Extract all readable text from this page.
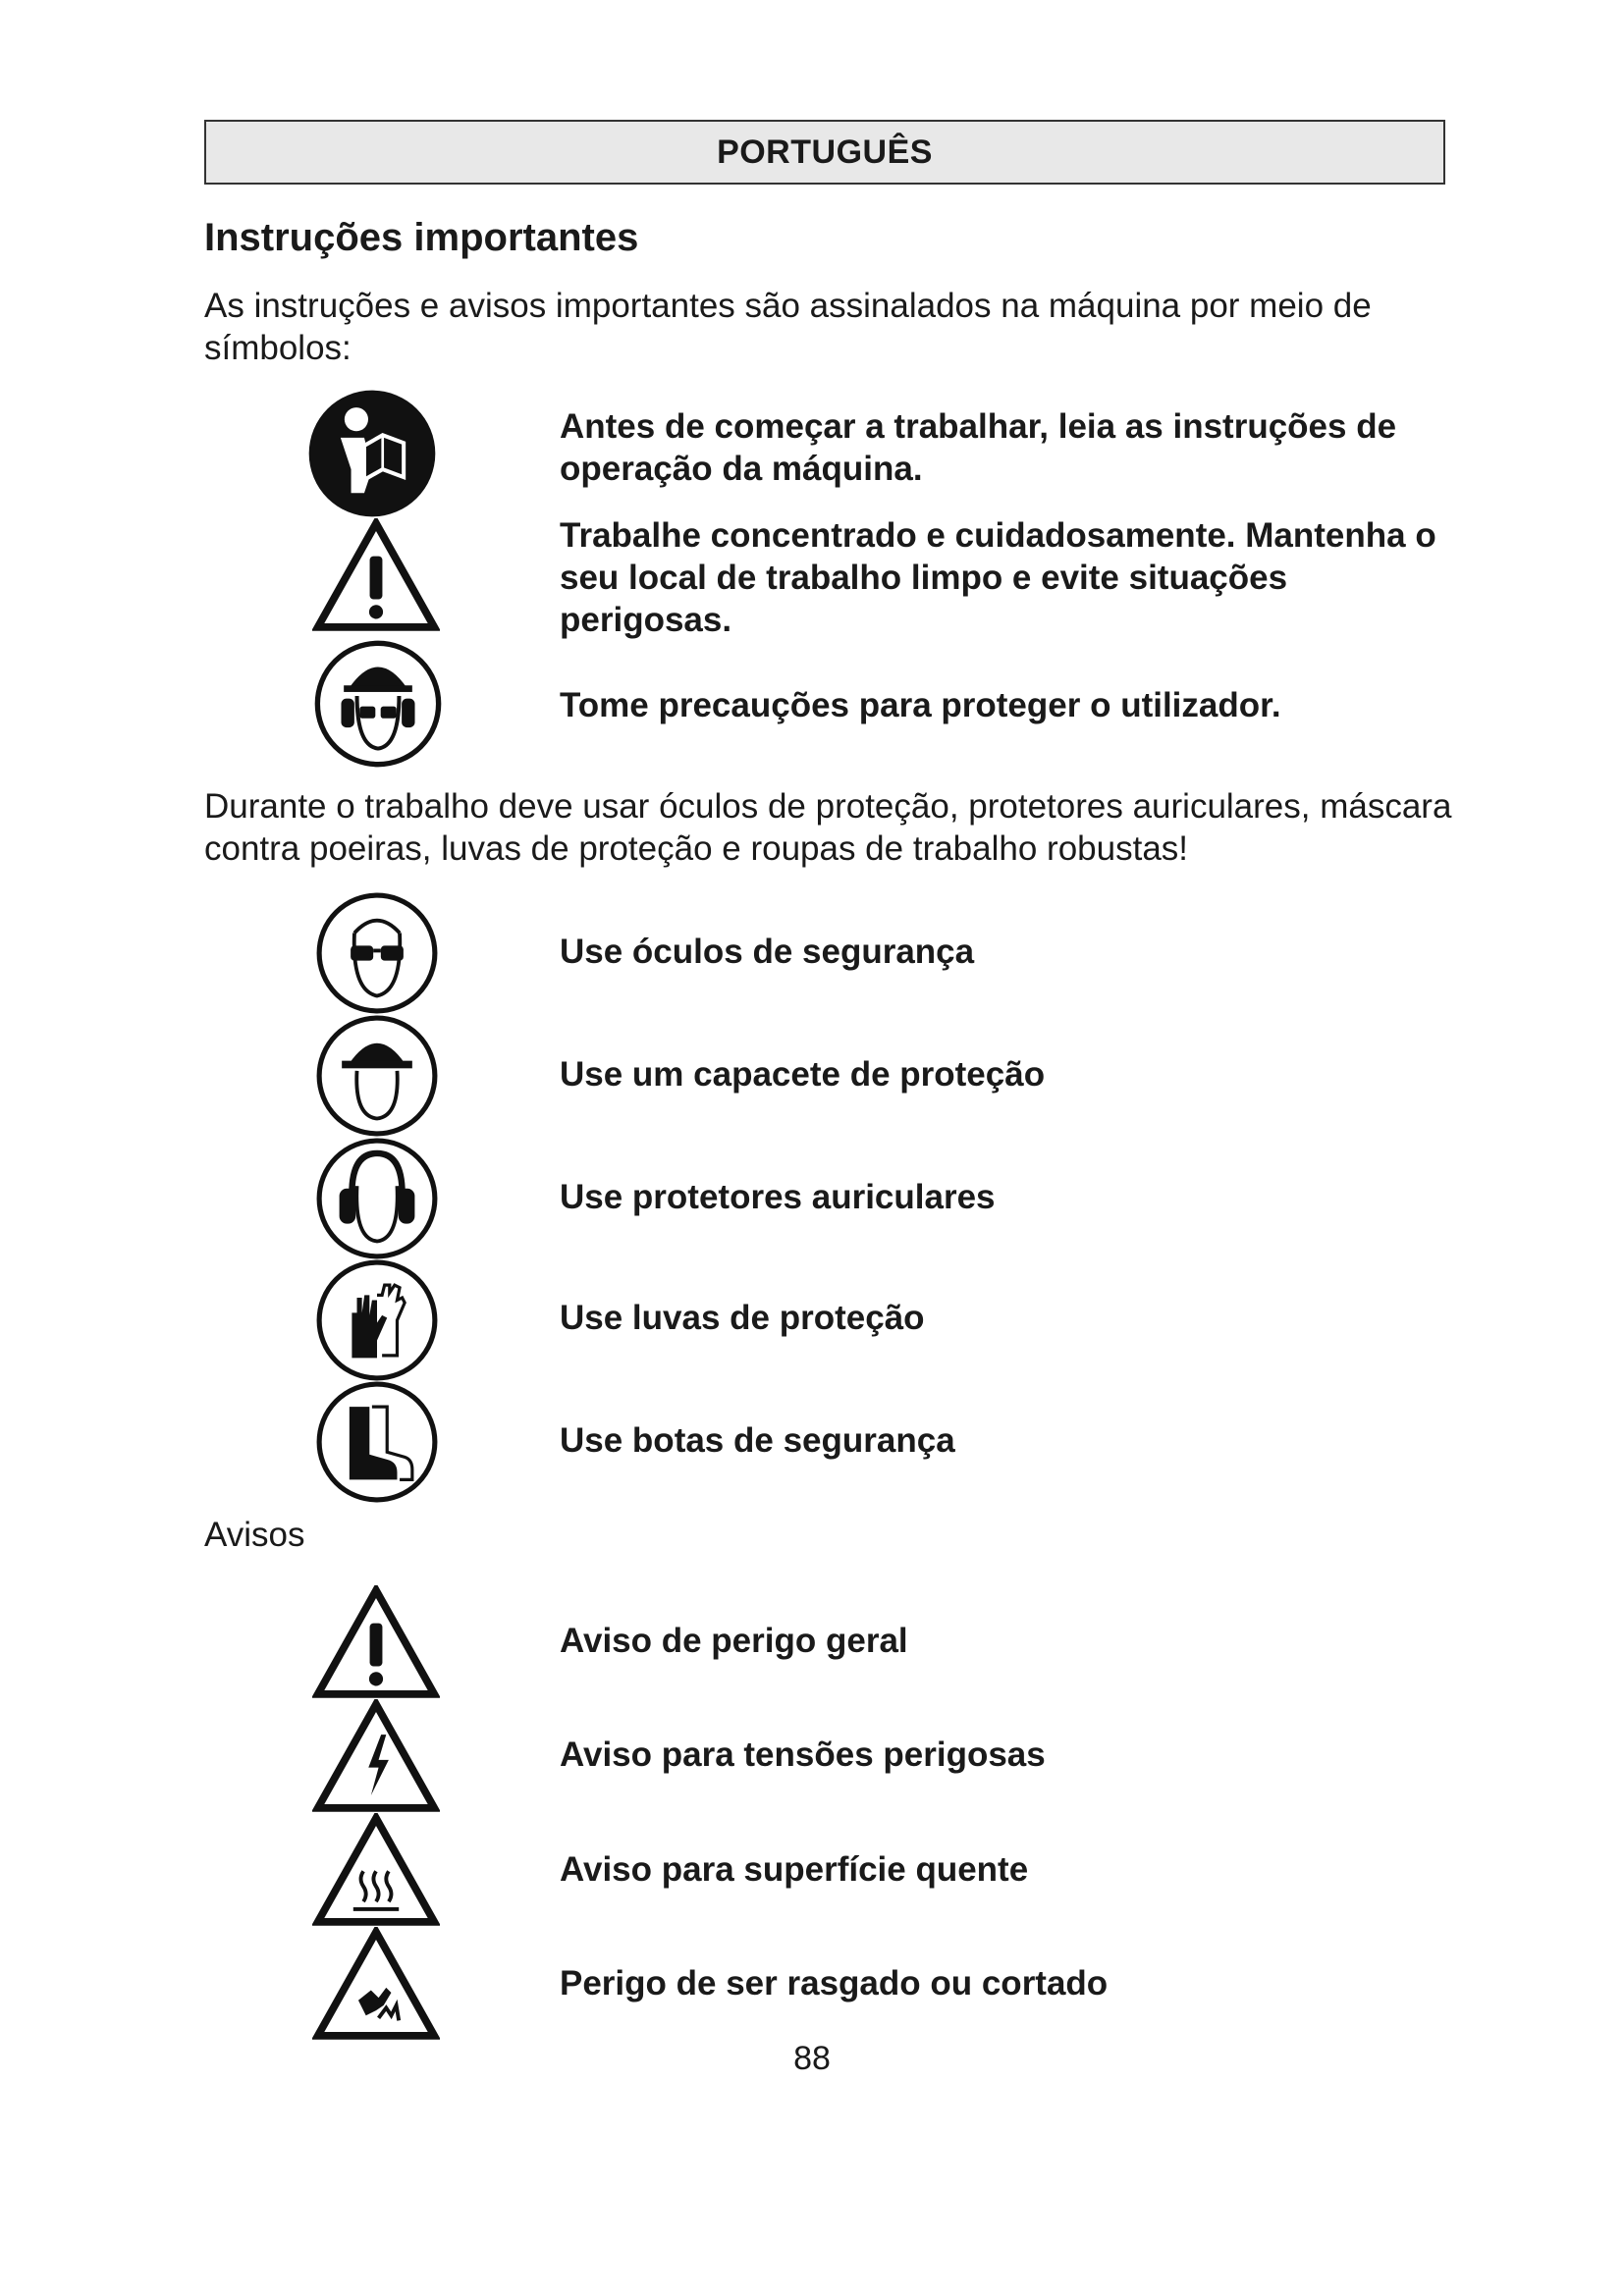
PORTUGUÊS
Instruções importantes
As instruções e avisos importantes são assinalados na máquina por meio de símbolos:
Antes de começar a trabalhar, leia as instruções de operação da máquina.
Trabalhe concentrado e cuidadosamente. Mantenha o seu local de trabalho limpo e evite situações perigosas.
Tome precauções para proteger o utilizador.
Durante o trabalho deve usar óculos de proteção, protetores auriculares, máscara contra poeiras, luvas de proteção e roupas de trabalho robustas!
Use óculos de segurança
Use um capacete de proteção
Use protetores auriculares
Use luvas de proteção
Use botas de segurança
Avisos
Aviso de perigo geral
Aviso para tensões perigosas
Aviso para superfície quente
Perigo de ser rasgado ou cortado
88
